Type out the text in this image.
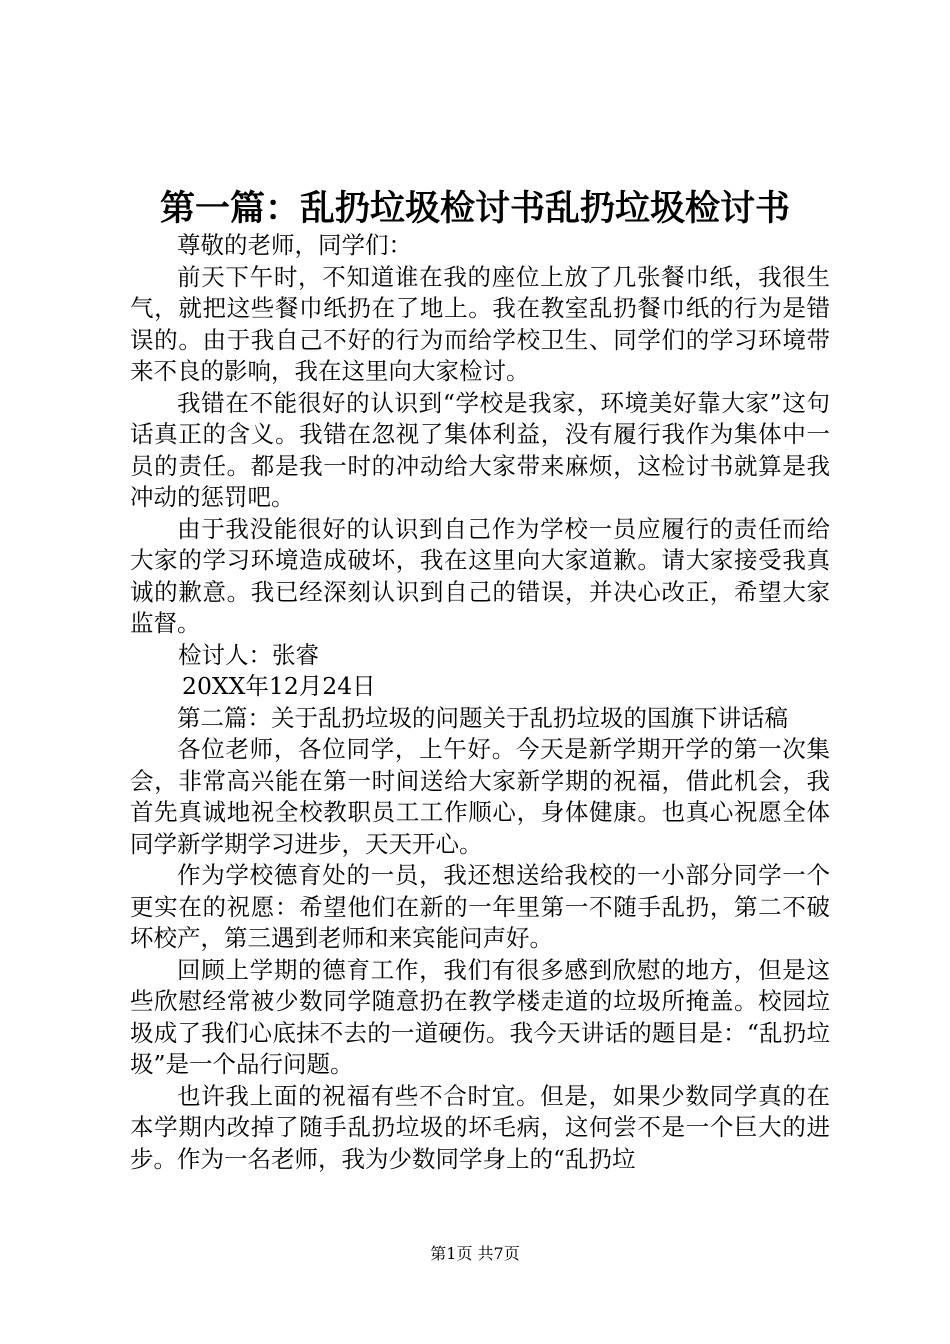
第一篇：乱扔垃圾检讨书乱扔垃圾检讨书

尊敬的老师，同学们：

前天下午时，不知道谁在我的座位上放了几张餐巾纸，我很生气，就把这些餐巾纸扔在了地上。我在教室乱扔餐巾纸的行为是错误的。由于我自己不好的行为而给学校卫生、同学们的学习环境带来不良的影响，我在这里向大家检讨。

我错在不能很好的认识到“学校是我家，环境美好靠大家”这句话真正的含义。我错在忽视了集体利益，没有履行我作为集体中一员的责任。都是我一时的冲动给大家带来麻烦，这检讨书就算是我冲动的惩罚吧。

由于我没能很好的认识到自己作为学校一员应履行的责任而给大家的学习环境造成破坏，我在这里向大家道歉。请大家接受我真诚的歉意。我已经深刻认识到自己的错误，并决心改正，希望大家监督。

检讨人：张睿

20XX年12月24日

第二篇：关于乱扔垃圾的问题关于乱扔垃圾的国旗下讲话稿

各位老师，各位同学，上午好。今天是新学期开学的第一次集会，非常高兴能在第一时间送给大家新学期的祝福，借此机会，我首先真诚地祝全校教职员工工作顺心，身体健康。也真心祝愿全体同学新学期学习进步，天天开心。

作为学校德育处的一员，我还想送给我校的一小部分同学一个更实在的祝愿：希望他们在新的一年里第一不随手乱扔，第二不破坏校产，第三遇到老师和来宾能问声好。

回顾上学期的德育工作，我们有很多感到欣慰的地方，但是这些欣慰经常被少数同学随意扔在教学楼走道的垃圾所掩盖。校园垃圾成了我们心底抹不去的一道硬伤。我今天讲话的题目是：“乱扔垃圾”是一个品行问题。

也许我上面的祝福有些不合时宜。但是，如果少数同学真的在本学期内改掉了随手乱扔垃圾的坏毛病，这何尝不是一个巨大的进步。作为一名老师，我为少数同学身上的“乱扔垃

第1页 共7页
